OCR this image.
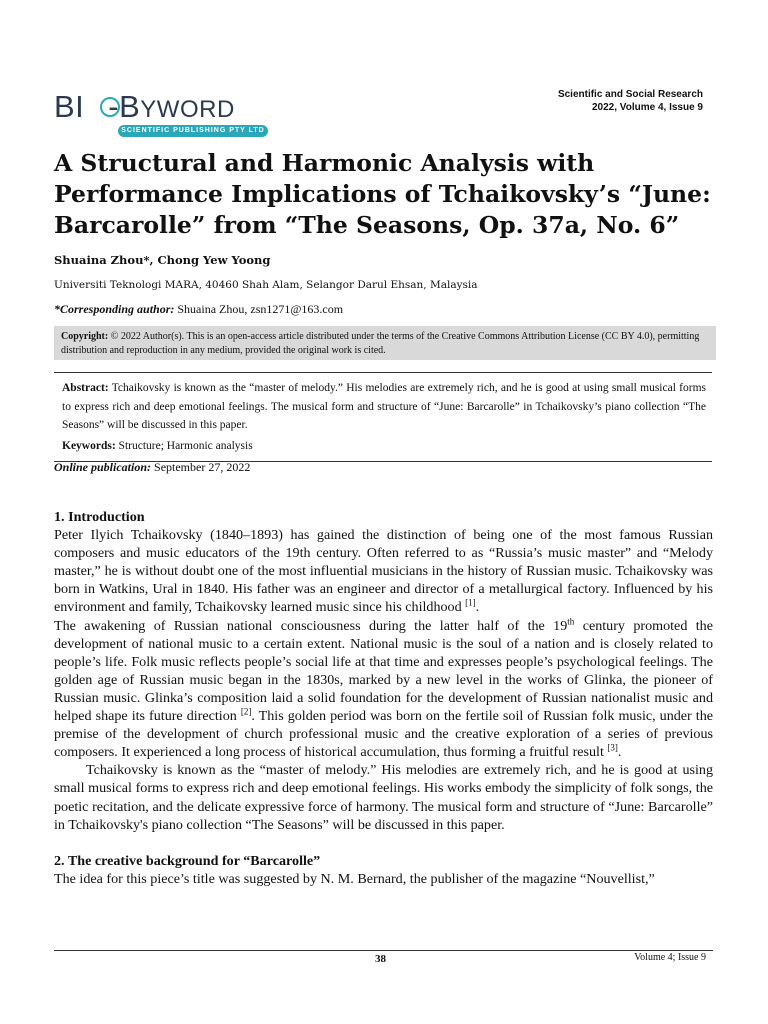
BI -BYWORD
SCIENTIFIC PUBLISHING PTY LTD
Scientific and Social Research
2022, Volume 4, Issue 9
A Structural and Harmonic Analysis with Performance Implications of Tchaikovsky’s “June: Barcarolle” from “The Seasons, Op. 37a, No. 6”
Shuaina Zhou*, Chong Yew Yoong
Universiti Teknologi MARA, 40460 Shah Alam, Selangor Darul Ehsan, Malaysia
*Corresponding author: Shuaina Zhou, zsn1271@163.com
Copyright: © 2022 Author(s). This is an open-access article distributed under the terms of the Creative Commons Attribution License (CC BY 4.0), permitting distribution and reproduction in any medium, provided the original work is cited.
Abstract: Tchaikovsky is known as the “master of melody.” His melodies are extremely rich, and he is good at using small musical forms to express rich and deep emotional feelings. The musical form and structure of “June: Barcarolle” in Tchaikovsky’s piano collection “The Seasons” will be discussed in this paper.
Keywords: Structure; Harmonic analysis
Online publication: September 27, 2022
1. Introduction

Peter Ilyich Tchaikovsky (1840–1893) has gained the distinction of being one of the most famous Russian composers and music educators of the 19th century. Often referred to as “Russia’s music master” and “Melody master,” he is without doubt one of the most influential musicians in the history of Russian music. Tchaikovsky was born in Watkins, Ural in 1840. His father was an engineer and director of a metallurgical factory. Influenced by his environment and family, Tchaikovsky learned music since his childhood [1].

The awakening of Russian national consciousness during the latter half of the 19th century promoted the development of national music to a certain extent. National music is the soul of a nation and is closely related to people’s life. Folk music reflects people’s social life at that time and expresses people’s psychological feelings. The golden age of Russian music began in the 1830s, marked by a new level in the works of Glinka, the pioneer of Russian music. Glinka’s composition laid a solid foundation for the development of Russian nationalist music and helped shape its future direction [2]. This golden period was born on the fertile soil of Russian folk music, under the premise of the development of church professional music and the creative exploration of a series of previous composers. It experienced a long process of historical accumulation, thus forming a fruitful result [3].

Tchaikovsky is known as the “master of melody.” His melodies are extremely rich, and he is good at using small musical forms to express rich and deep emotional feelings. His works embody the simplicity of folk songs, the poetic recitation, and the delicate expressive force of harmony. The musical form and structure of “June: Barcarolle” in Tchaikovsky's piano collection “The Seasons” will be discussed in this paper.

2. The creative background for “Barcarolle”

The idea for this piece’s title was suggested by N. M. Bernard, the publisher of the magazine “Nouvellist,”

38	Volume 4; Issue 9
